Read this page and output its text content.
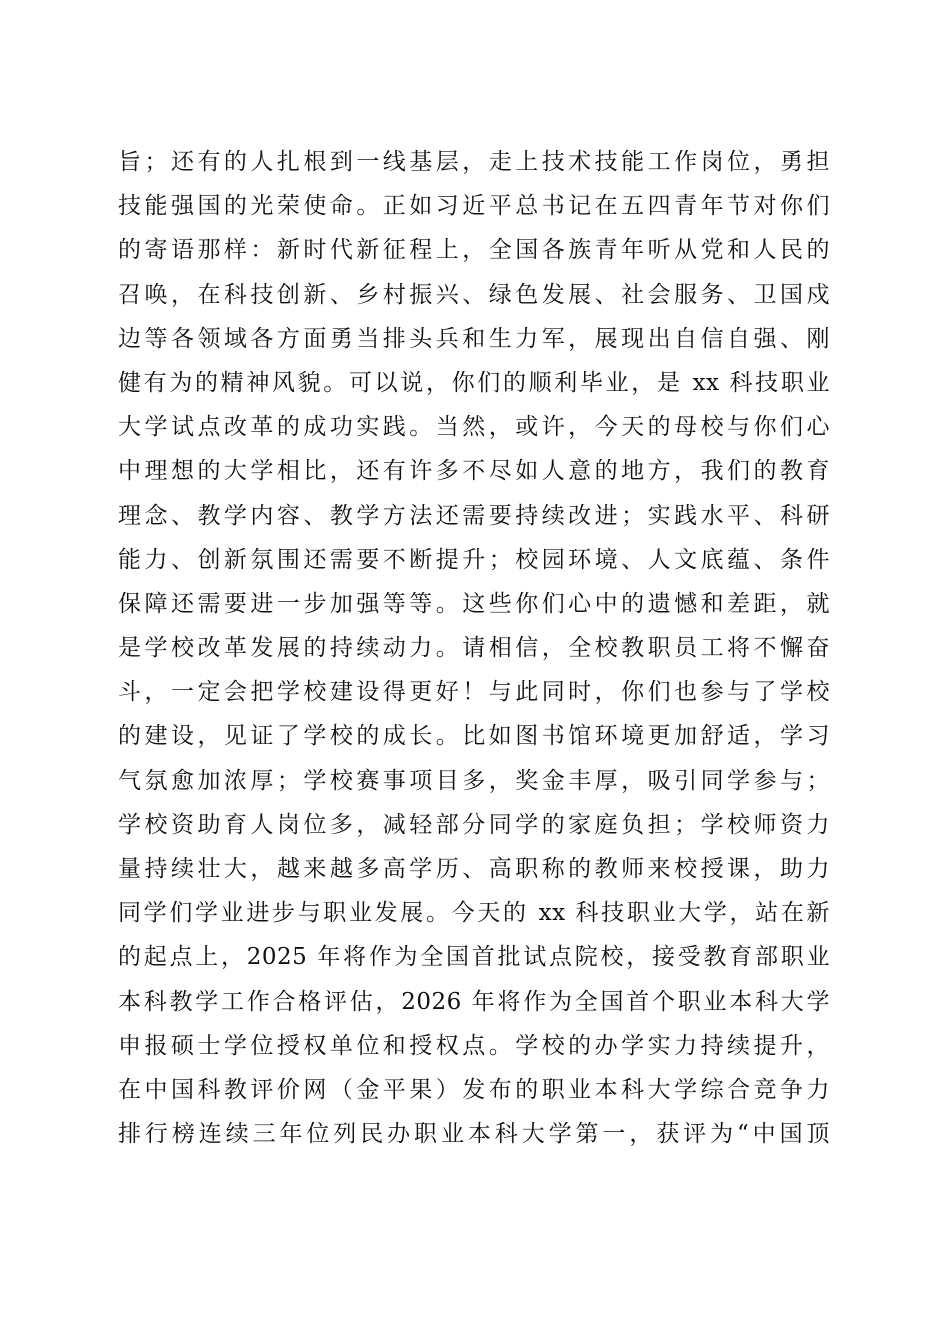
旨；还有的人扎根到一线基层，走上技术技能工作岗位，勇担
技能强国的光荣使命。正如习近平总书记在五四青年节对你们
的寄语那样：新时代新征程上，全国各族青年听从党和人民的
召唤，在科技创新、乡村振兴、绿色发展、社会服务、卫国戍
边等各领域各方面勇当排头兵和生力军，展现出自信自强、刚
健有为的精神风貌。可以说，你们的顺利毕业，是 xx 科技职业
大学试点改革的成功实践。当然，或许，今天的母校与你们心
中理想的大学相比，还有许多不尽如人意的地方，我们的教育
理念、教学内容、教学方法还需要持续改进；实践水平、科研
能力、创新氛围还需要不断提升；校园环境、人文底蕴、条件
保障还需要进一步加强等等。这些你们心中的遗憾和差距，就
是学校改革发展的持续动力。请相信，全校教职员工将不懈奋
斗，一定会把学校建设得更好！与此同时，你们也参与了学校
的建设，见证了学校的成长。比如图书馆环境更加舒适，学习
气氛愈加浓厚；学校赛事项目多，奖金丰厚，吸引同学参与；
学校资助育人岗位多，减轻部分同学的家庭负担；学校师资力
量持续壮大，越来越多高学历、高职称的教师来校授课，助力
同学们学业进步与职业发展。今天的 xx 科技职业大学，站在新
的起点上，2025 年将作为全国首批试点院校，接受教育部职业
本科教学工作合格评估，2026 年将作为全国首个职业本科大学
申报硕士学位授权单位和授权点。学校的办学实力持续提升，
在中国科教评价网（金平果）发布的职业本科大学综合竞争力
排行榜连续三年位列民办职业本科大学第一，获评为“中国顶
